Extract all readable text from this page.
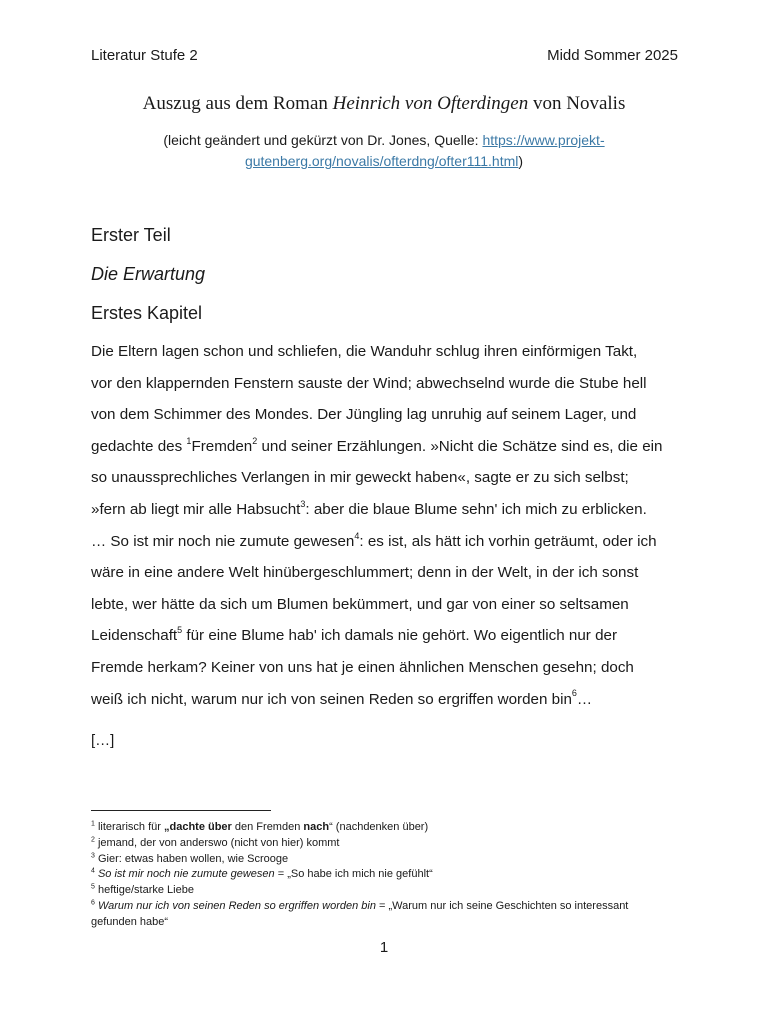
Literatur Stufe 2	Midd Sommer 2025
Auszug aus dem Roman Heinrich von Ofterdingen von Novalis
(leicht geändert und gekürzt von Dr. Jones, Quelle: https://www.projekt-
gutenberg.org/novalis/ofterdng/ofter111.html)
Erster Teil
Die Erwartung
Erstes Kapitel
Die Eltern lagen schon und schliefen, die Wanduhr schlug ihren einförmigen Takt,
vor den klappernden Fenstern sauste der Wind; abwechselnd wurde die Stube hell
von dem Schimmer des Mondes. Der Jüngling lag unruhig auf seinem Lager, und
gedachte des $^1$Fremden$^2$ und seiner Erzählungen. »Nicht die Schätze sind es, die ein
so unaussprechliches Verlangen in mir geweckt haben«, sagte er zu sich selbst;
»fern ab liegt mir alle Habsucht$^3$: aber die blaue Blume sehn' ich mich zu erblicken.
… So ist mir noch nie zumute gewesen$^4$: es ist, als hätt ich vorhin geträumt, oder ich
wäre in eine andere Welt hinübergeschlummert; denn in der Welt, in der ich sonst
lebte, wer hätte da sich um Blumen bekümmert, und gar von einer so seltsamen
Leidenschaft$^5$ für eine Blume hab' ich damals nie gehört. Wo eigentlich nur der
Fremde herkam? Keiner von uns hat je einen ähnlichen Menschen gesehn; doch
weiß ich nicht, warum nur ich von seinen Reden so ergriffen worden bin$^6$…
[…]
$^1$ literarisch für „dachte über den Fremden nach“ (nachdenken über)
$^2$ jemand, der von anderswo (nicht von hier) kommt
$^3$ Gier: etwas haben wollen, wie Scrooge
$^4$ So ist mir noch nie zumute gewesen = „So habe ich mich nie gefühlt“
$^5$ heftige/starke Liebe
$^6$ Warum nur ich von seinen Reden so ergriffen worden bin = „Warum nur ich seine Geschichten so interessant
gefunden habe“
1
